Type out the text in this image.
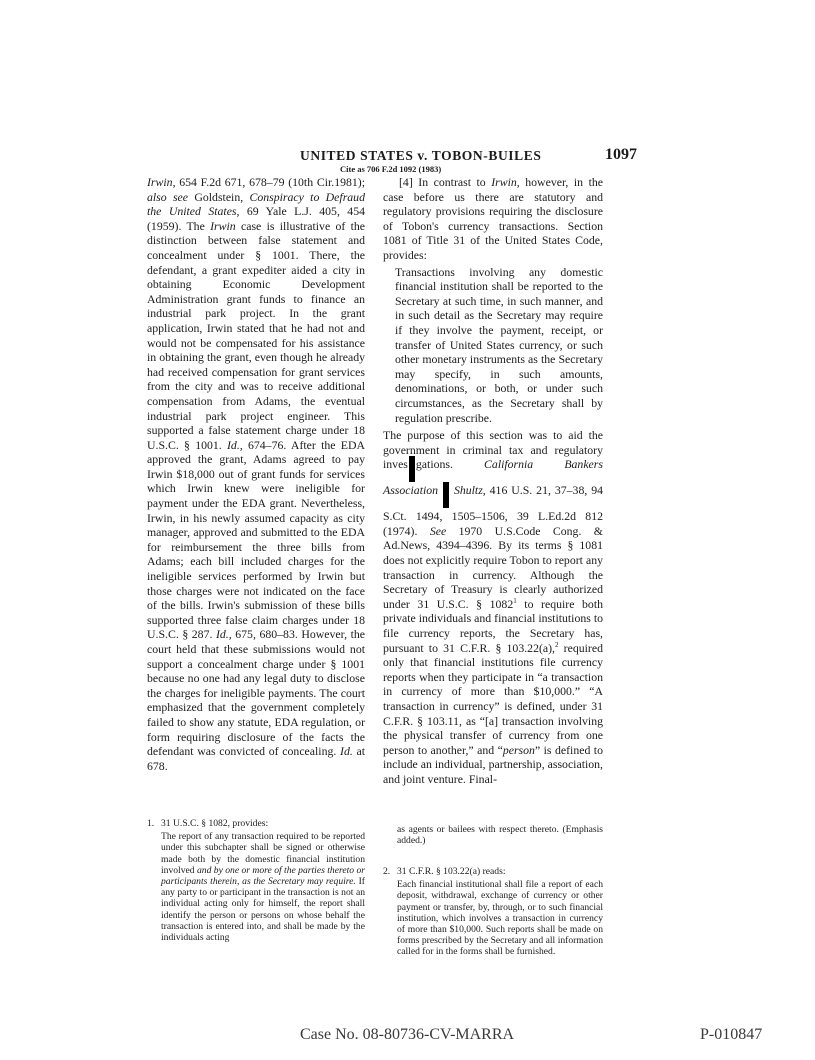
UNITED STATES v. TOBON-BUILES
Cite as 706 F.2d 1092 (1983)
1097

Irwin, 654 F.2d 671, 678–79 (10th Cir.1981); also see Goldstein, Conspiracy to Defraud the United States, 69 Yale L.J. 405, 454 (1959). The Irwin case is illustrative of the distinction between false statement and concealment under § 1001. There, the defendant, a grant expediter aided a city in obtaining Economic Development Administration grant funds to finance an industrial park project. In the grant application, Irwin stated that he had not and would not be compensated for his assistance in obtaining the grant, even though he already had received compensation for grant services from the city and was to receive additional compensation from Adams, the eventual industrial park project engineer. This supported a false statement charge under 18 U.S.C. § 1001. Id., 674–76. After the EDA approved the grant, Adams agreed to pay Irwin $18,000 out of grant funds for services which Irwin knew were ineligible for payment under the EDA grant. Nevertheless, Irwin, in his newly assumed capacity as city manager, approved and submitted to the EDA for reimbursement the three bills from Adams; each bill included charges for the ineligible services performed by Irwin but those charges were not indicated on the face of the bills. Irwin's submission of these bills supported three false claim charges under 18 U.S.C. § 287. Id., 675, 680–83. However, the court held that these submissions would not support a concealment charge under § 1001 because no one had any legal duty to disclose the charges for ineligible payments. The court emphasized that the government completely failed to show any statute, EDA regulation, or form requiring disclosure of the facts the defendant was convicted of concealing. Id. at 678.

[4] In contrast to Irwin, however, in the case before us there are statutory and regulatory provisions requiring the disclosure of Tobon's currency transactions. Section 1081 of Title 31 of the United States Code, provides:

Transactions involving any domestic financial institution shall be reported to the Secretary at such time, in such manner, and in such detail as the Secretary may require if they involve the payment, receipt, or transfer of United States currency, or such other monetary instruments as the Secretary may specify, in such amounts, denominations, or both, or under such circumstances, as the Secretary shall by regulation prescribe.

The purpose of this section was to aid the government in criminal tax and regulatory inves gations. California Bankers Association Shultz, 416 U.S. 21, 37–38, 94 S.Ct. 1494, 1505–1506, 39 L.Ed.2d 812 (1974). See 1970 U.S.Code Cong. & Ad.News, 4394–4396. By its terms § 1081 does not explicitly require Tobon to report any transaction in currency. Although the Secretary of Treasury is clearly authorized under 31 U.S.C. § 1082$^1$ to require both private individuals and financial institutions to file currency reports, the Secretary has, pursuant to 31 C.F.R. § 103.22(a),$^2$ required only that financial institutions file currency reports when they participate in “a transaction in currency of more than $10,000.” “A transaction in currency” is defined, under 31 C.F.R. § 103.11, as “[a] transaction involving the physical transfer of currency from one person to another,” and “person” is defined to include an individual, partnership, association, and joint venture. Final-

1. 31 U.S.C. § 1082, provides:

The report of any transaction required to be reported under this subchapter shall be signed or otherwise made both by the domestic financial institution involved and by one or more of the parties thereto or participants therein, as the Secretary may require. If any party to or participant in the transaction is not an individual acting only for himself, the report shall identify the person or persons on whose behalf the transaction is entered into, and shall be made by the individuals acting

as agents or bailees with respect thereto. (Emphasis added.)

2. 31 C.F.R. § 103.22(a) reads:

Each financial institutional shall file a report of each deposit, withdrawal, exchange of currency or other payment or transfer, by, through, or to such financial institution, which involves a transaction in currency of more than $10,000. Such reports shall be made on forms prescribed by the Secretary and all information called for in the forms shall be furnished.

Case No. 08-80736-CV-MARRA	P-010847
